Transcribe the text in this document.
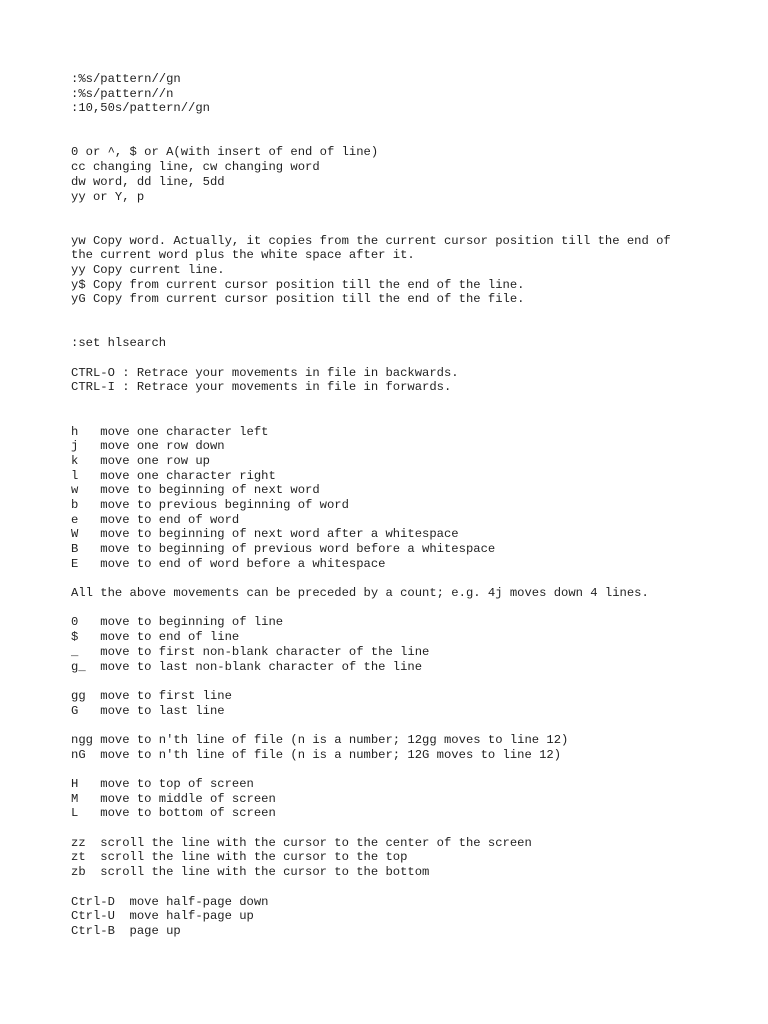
:%s/pattern//gn
:%s/pattern//n
:10,50s/pattern//gn
0 or ^, $ or A(with insert of end of line)
cc changing line, cw changing word
dw word, dd line, 5dd
yy or Y, p
yw Copy word. Actually, it copies from the current cursor position till the end of
the current word plus the white space after it.
yy Copy current line.
y$ Copy from current cursor position till the end of the line.
yG Copy from current cursor position till the end of the file.
:set hlsearch
CTRL-O : Retrace your movements in file in backwards.
CTRL-I : Retrace your movements in file in forwards.
h   move one character left
j   move one row down
k   move one row up
l   move one character right
w   move to beginning of next word
b   move to previous beginning of word
e   move to end of word
W   move to beginning of next word after a whitespace
B   move to beginning of previous word before a whitespace
E   move to end of word before a whitespace
All the above movements can be preceded by a count; e.g. 4j moves down 4 lines.
0   move to beginning of line
$   move to end of line
_   move to first non-blank character of the line
g_  move to last non-blank character of the line
gg  move to first line
G   move to last line
ngg move to n'th line of file (n is a number; 12gg moves to line 12)
nG  move to n'th line of file (n is a number; 12G moves to line 12)
H   move to top of screen
M   move to middle of screen
L   move to bottom of screen
zz  scroll the line with the cursor to the center of the screen
zt  scroll the line with the cursor to the top
zb  scroll the line with the cursor to the bottom
Ctrl-D  move half-page down
Ctrl-U  move half-page up
Ctrl-B  page up
